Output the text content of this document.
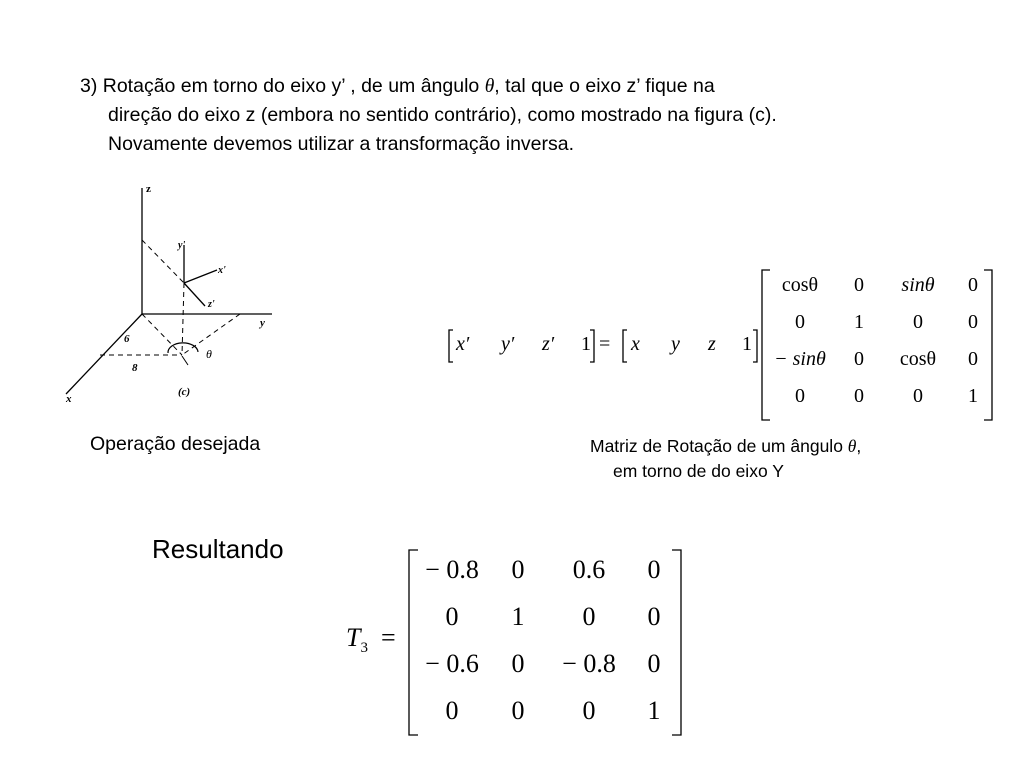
3) Rotação em torno do eixo y’ , de um ângulo θ, tal que o eixo z’ fique na
direção do eixo z (embora no sentido contrário), como mostrado na figura (c).
Novamente devemos utilizar a transformação inversa.
z
y
x
y'
x'
z'
6
8
θ
(c)
Operação desejada
x′ y′ z′ 1 = x y z 1
cosθ	0	sinθ	0
0	1	0	0
− sinθ	0	cosθ	0
0	0	0	1
Matriz de Rotação de um ângulo θ,
em torno de do eixo Y
Resultando
$T_3$ =
− 0.8	0	0.6	0
0	1	0	0
− 0.6	0	− 0.8	0
0	0	0	1
